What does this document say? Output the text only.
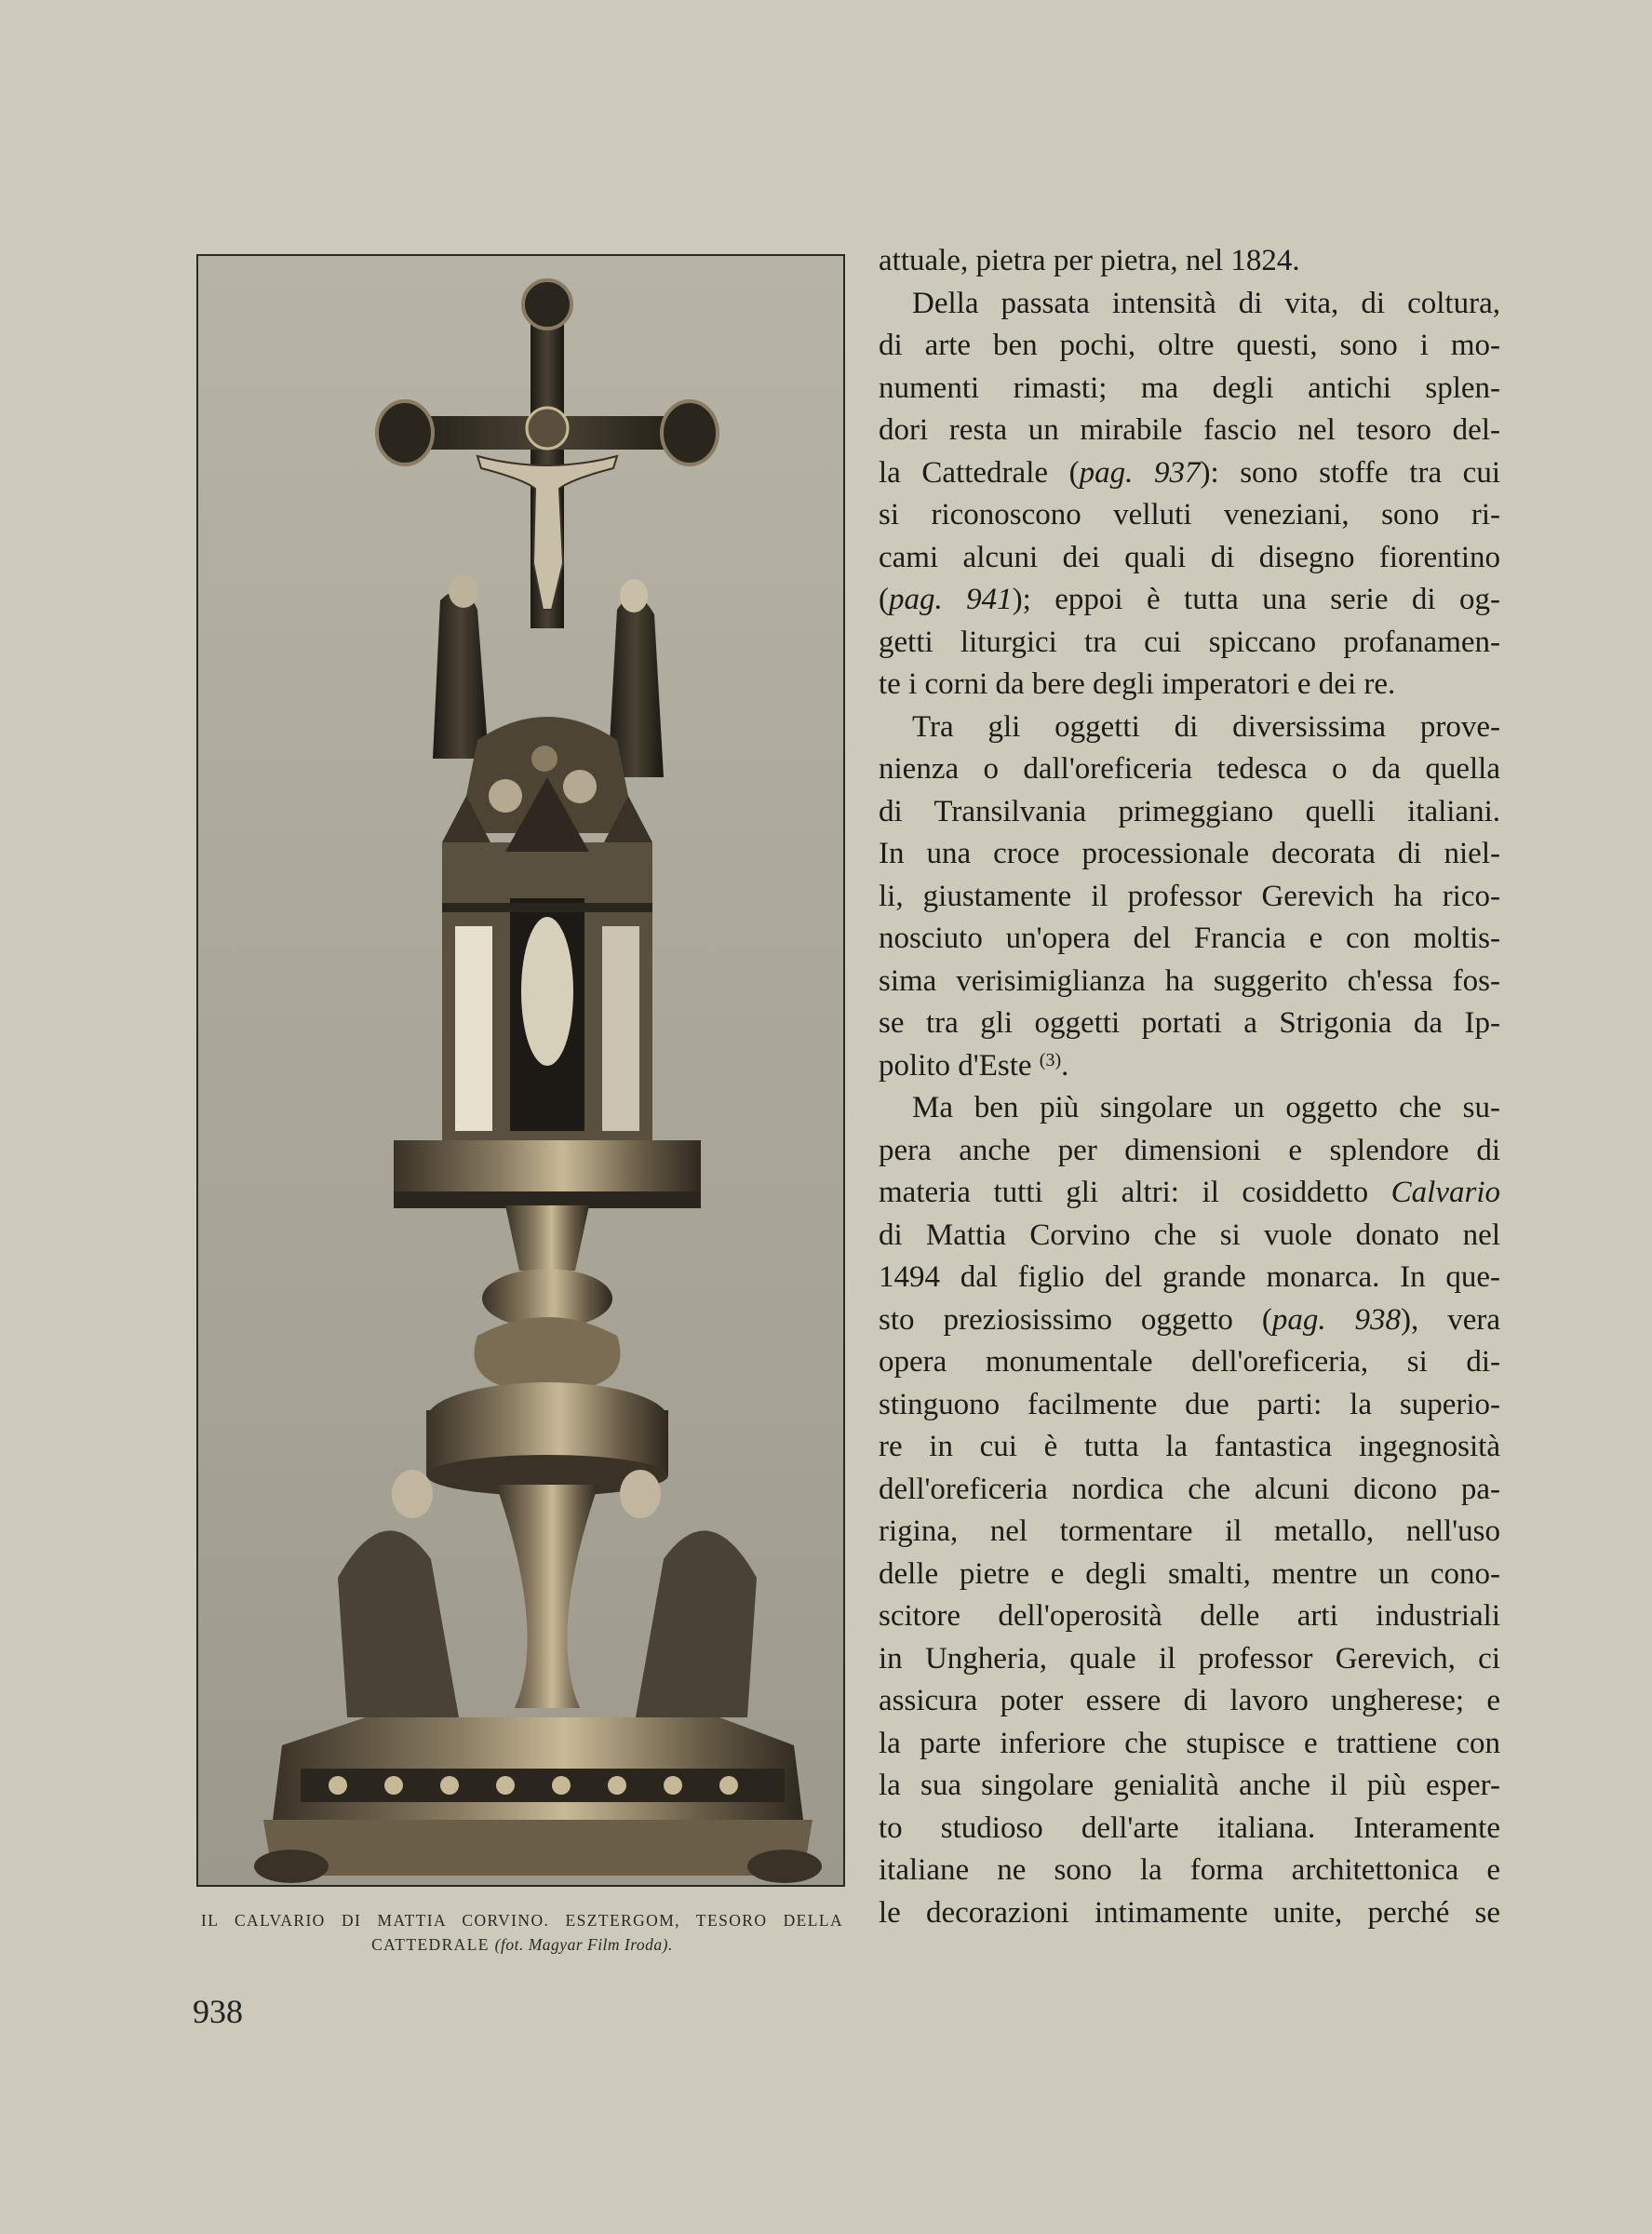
IL CALVARIO DI MATTIA CORVINO. ESZTERGOM, TESORO DELLA CATTEDRALE (fot. Magyar Film Iroda).
938
attuale, pietra per pietra, nel 1824.
Della passata intensità di vita, di coltura,
di arte ben pochi, oltre questi, sono i mo-
numenti rimasti; ma degli antichi splen-
dori resta un mirabile fascio nel tesoro del-
la Cattedrale (pag. 937): sono stoffe tra cui
si riconoscono velluti veneziani, sono ri-
cami alcuni dei quali di disegno fiorentino
(pag. 941); eppoi è tutta una serie di og-
getti liturgici tra cui spiccano profanamen-
te i corni da bere degli imperatori e dei re.
Tra gli oggetti di diversissima prove-
nienza o dall'oreficeria tedesca o da quella
di Transilvania primeggiano quelli italiani.
In una croce processionale decorata di niel-
li, giustamente il professor Gerevich ha rico-
nosciuto un'opera del Francia e con moltis-
sima verisimiglianza ha suggerito ch'essa fos-
se tra gli oggetti portati a Strigonia da Ip-
polito d'Este $^{(3)}$.
Ma ben più singolare un oggetto che su-
pera anche per dimensioni e splendore di
materia tutti gli altri: il cosiddetto Calvario
di Mattia Corvino che si vuole donato nel
1494 dal figlio del grande monarca. In que-
sto preziosissimo oggetto (pag. 938), vera
opera monumentale dell'oreficeria, si di-
stinguono facilmente due parti: la superio-
re in cui è tutta la fantastica ingegnosità
dell'oreficeria nordica che alcuni dicono pa-
rigina, nel tormentare il metallo, nell'uso
delle pietre e degli smalti, mentre un cono-
scitore dell'operosità delle arti industriali
in Ungheria, quale il professor Gerevich, ci
assicura poter essere di lavoro ungherese; e
la parte inferiore che stupisce e trattiene con
la sua singolare genialità anche il più esper-
to studioso dell'arte italiana. Interamente
italiane ne sono la forma architettonica e
le decorazioni intimamente unite, perché se
